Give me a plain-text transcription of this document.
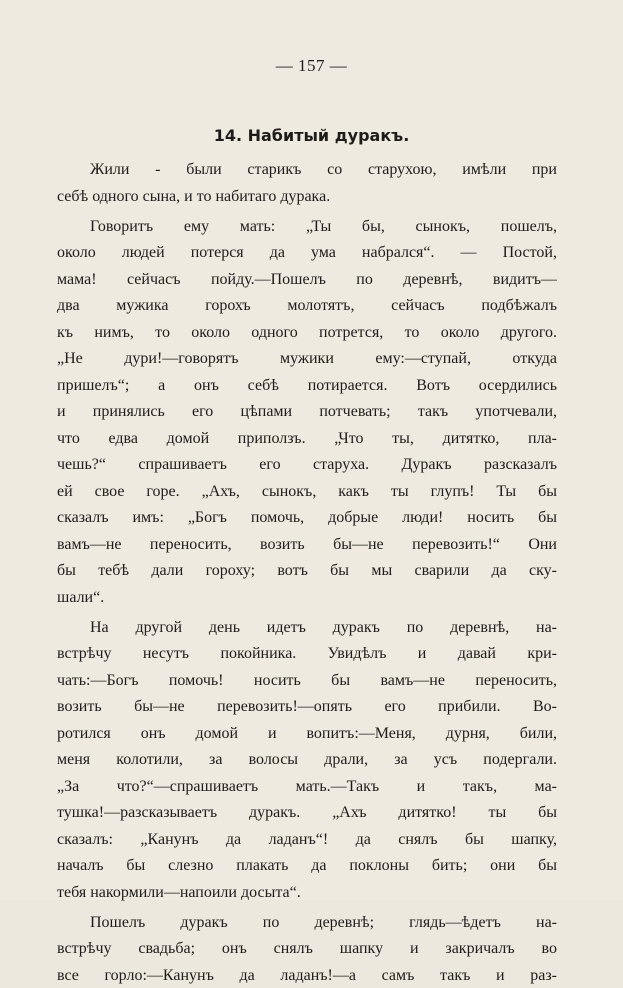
— 157 —
14. Набитый дуракъ.
Жили - были старикъ со старухою, имѣли при
себѣ одного сына, и то набитаго дурака.
Говоритъ ему мать: „Ты бы, сынокъ, пошелъ,
около людей потерся да ума набрался“. — Постой,
мама! сейчасъ пойду.—Пошелъ по деревнѣ, видитъ—
два мужика горохъ молотятъ, сейчасъ подбѣжалъ
къ нимъ, то около одного потрется, то около другого.
„Не дури!—говорятъ мужики ему:—ступай, откуда
пришелъ“; а онъ себѣ потирается. Вотъ осердились
и принялись его цѣпами потчевать; такъ употчевали,
что едва домой приползъ. „Что ты, дитятко, пла-
чешь?“ спрашиваетъ его старуха. Дуракъ разсказалъ
ей свое горе. „Ахъ, сынокъ, какъ ты глупъ! Ты бы
сказалъ имъ: „Богъ помочь, добрые люди! носить бы
вамъ—не переносить, возить бы—не перевозить!“ Они
бы тебѣ дали гороху; вотъ бы мы сварили да ску-
шали“.
На другой день идетъ дуракъ по деревнѣ, на-
встрѣчу несутъ покойника. Увидѣлъ и давай кри-
чать:—Богъ помочь! носить бы вамъ—не переносить,
возить бы—не перевозить!—опять его прибили. Во-
ротился онъ домой и вопитъ:—Меня, дурня, били,
меня колотили, за волосы драли, за усъ подергали.
„За что?“—спрашиваетъ мать.—Такъ и такъ, ма-
тушка!—разсказываетъ дуракъ. „Ахъ дитятко! ты бы
сказалъ: „Канунъ да ладанъ“! да снялъ бы шапку,
началъ бы слезно плакать да поклоны бить; они бы
тебя накормили—напоили досыта“.
Пошелъ дуракъ по деревнѣ; глядь—ѣдетъ на-
встрѣчу свадьба; онъ снялъ шапку и закричалъ во
все горло:—Канунъ да ладанъ!—а самъ такъ и раз-
